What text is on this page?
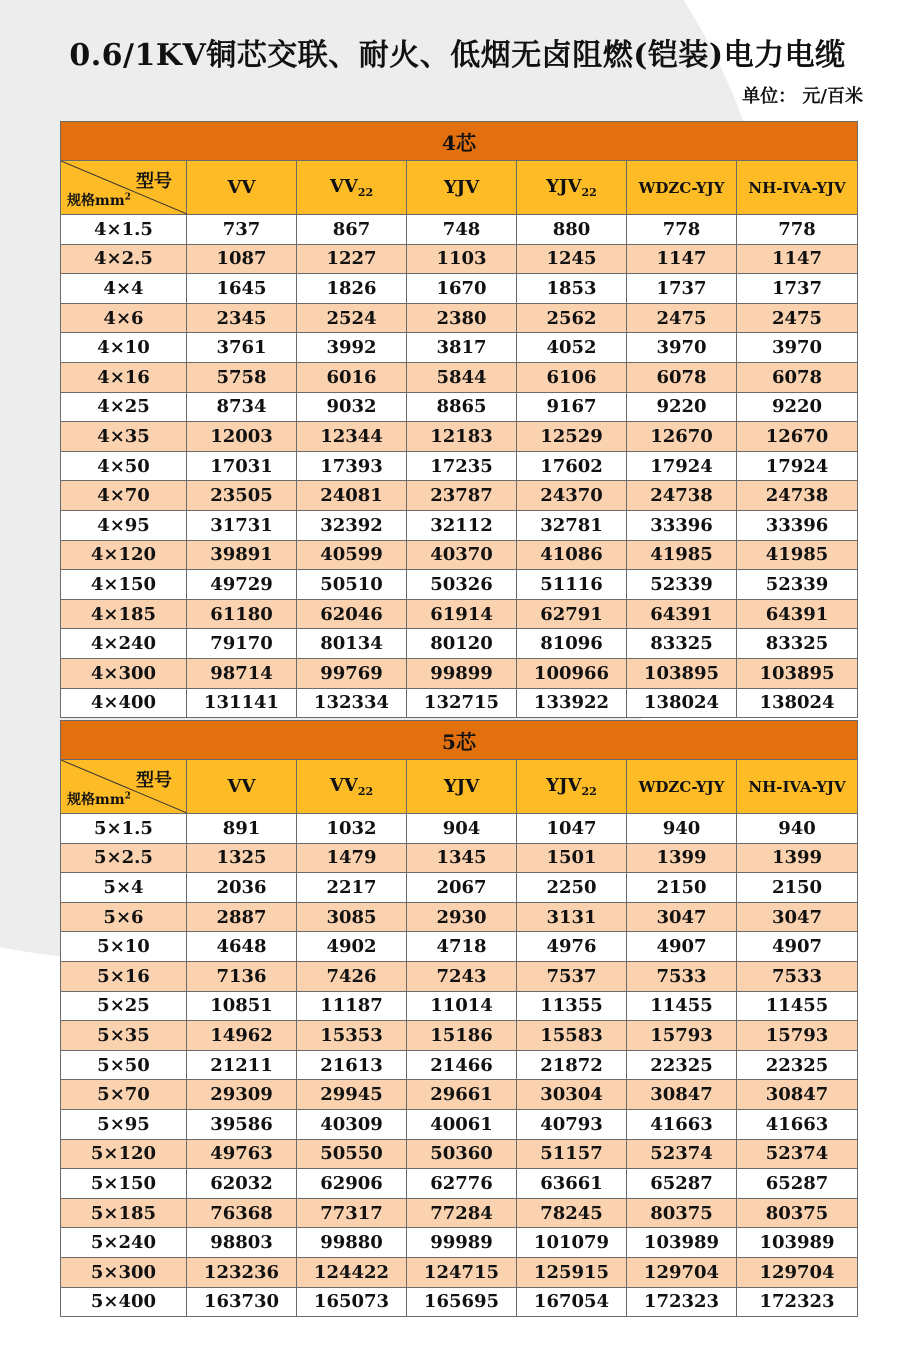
0.6/1KV铜芯交联、耐火、低烟无卤阻燃(铠装)电力电缆
单位： 元/百米
4芯						

型号
规格$mm^2$	VV	$VV_{22}$	YJV	$YJV_{22}$	WDZC-YJY	NH-IVA-YJV
4×1.5	737	867	748	880	778	778
4×2.5	1087	1227	1103	1245	1147	1147
4×4	1645	1826	1670	1853	1737	1737
4×6	2345	2524	2380	2562	2475	2475
4×10	3761	3992	3817	4052	3970	3970
4×16	5758	6016	5844	6106	6078	6078
4×25	8734	9032	8865	9167	9220	9220
4×35	12003	12344	12183	12529	12670	12670
4×50	17031	17393	17235	17602	17924	17924
4×70	23505	24081	23787	24370	24738	24738
4×95	31731	32392	32112	32781	33396	33396
4×120	39891	40599	40370	41086	41985	41985
4×150	49729	50510	50326	51116	52339	52339
4×185	61180	62046	61914	62791	64391	64391
4×240	79170	80134	80120	81096	83325	83325
4×300	98714	99769	99899	100966	103895	103895
4×400	131141	132334	132715	133922	138024	138024
5芯						

型号
规格$mm^2$	VV	$VV_{22}$	YJV	$YJV_{22}$	WDZC-YJY	NH-IVA-YJV
5×1.5	891	1032	904	1047	940	940
5×2.5	1325	1479	1345	1501	1399	1399
5×4	2036	2217	2067	2250	2150	2150
5×6	2887	3085	2930	3131	3047	3047
5×10	4648	4902	4718	4976	4907	4907
5×16	7136	7426	7243	7537	7533	7533
5×25	10851	11187	11014	11355	11455	11455
5×35	14962	15353	15186	15583	15793	15793
5×50	21211	21613	21466	21872	22325	22325
5×70	29309	29945	29661	30304	30847	30847
5×95	39586	40309	40061	40793	41663	41663
5×120	49763	50550	50360	51157	52374	52374
5×150	62032	62906	62776	63661	65287	65287
5×185	76368	77317	77284	78245	80375	80375
5×240	98803	99880	99989	101079	103989	103989
5×300	123236	124422	124715	125915	129704	129704
5×400	163730	165073	165695	167054	172323	172323
